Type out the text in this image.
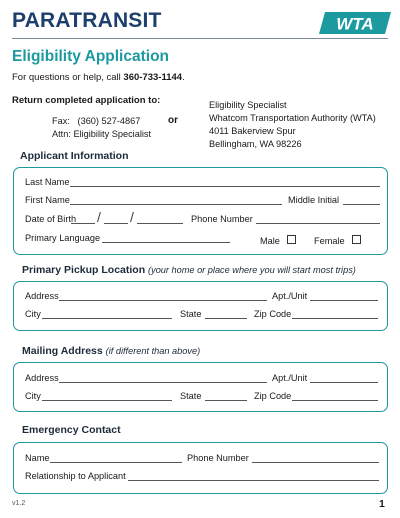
PARATRANSIT	WTA
Eligibility Application
For questions or help, call 360-733-1144.
Return completed application to:
Fax:   (360) 527-4867
Attn: Eligibility Specialist
or
Eligibility Specialist
Whatcom Transportation Authority (WTA)
4011 Bakerview Spur
Bellingham, WA 98226
Applicant Information
Last Name
First Name	Middle Initial
Date of Birth / /	Phone Number
Primary Language	Male	Female
Primary Pickup Location (your home or place where you will start most trips)
Address	Apt./Unit
City	State	Zip Code
Mailing Address (if different than above)
Address	Apt./Unit
City	State	Zip Code
Emergency Contact
Name	Phone Number
Relationship to Applicant
v1.2	1
